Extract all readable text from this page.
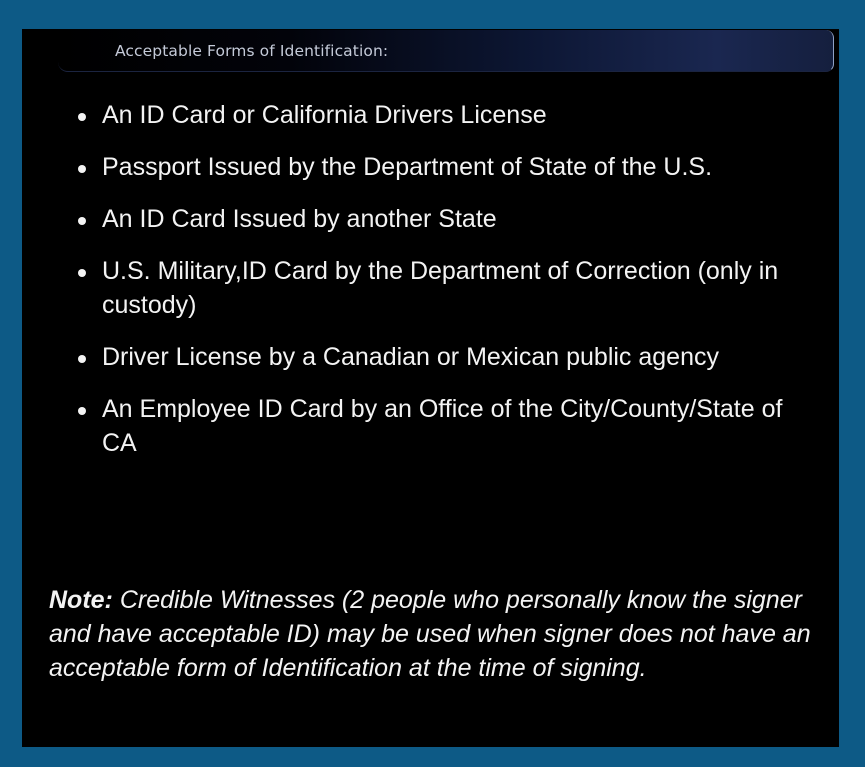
Acceptable Forms of Identification:
An ID Card or California Drivers License
Passport Issued by the Department of State of the U.S.
An ID Card Issued by another State
U.S. Military,ID Card by the Department of Correction (only in custody)
Driver License by a Canadian or Mexican public agency
An Employee ID Card by an Office of the City/County/State of CA

Note: Credible Witnesses (2 people who personally know the signer and have acceptable ID) may be used when signer does not have an acceptable form of Identification at the time of signing.
